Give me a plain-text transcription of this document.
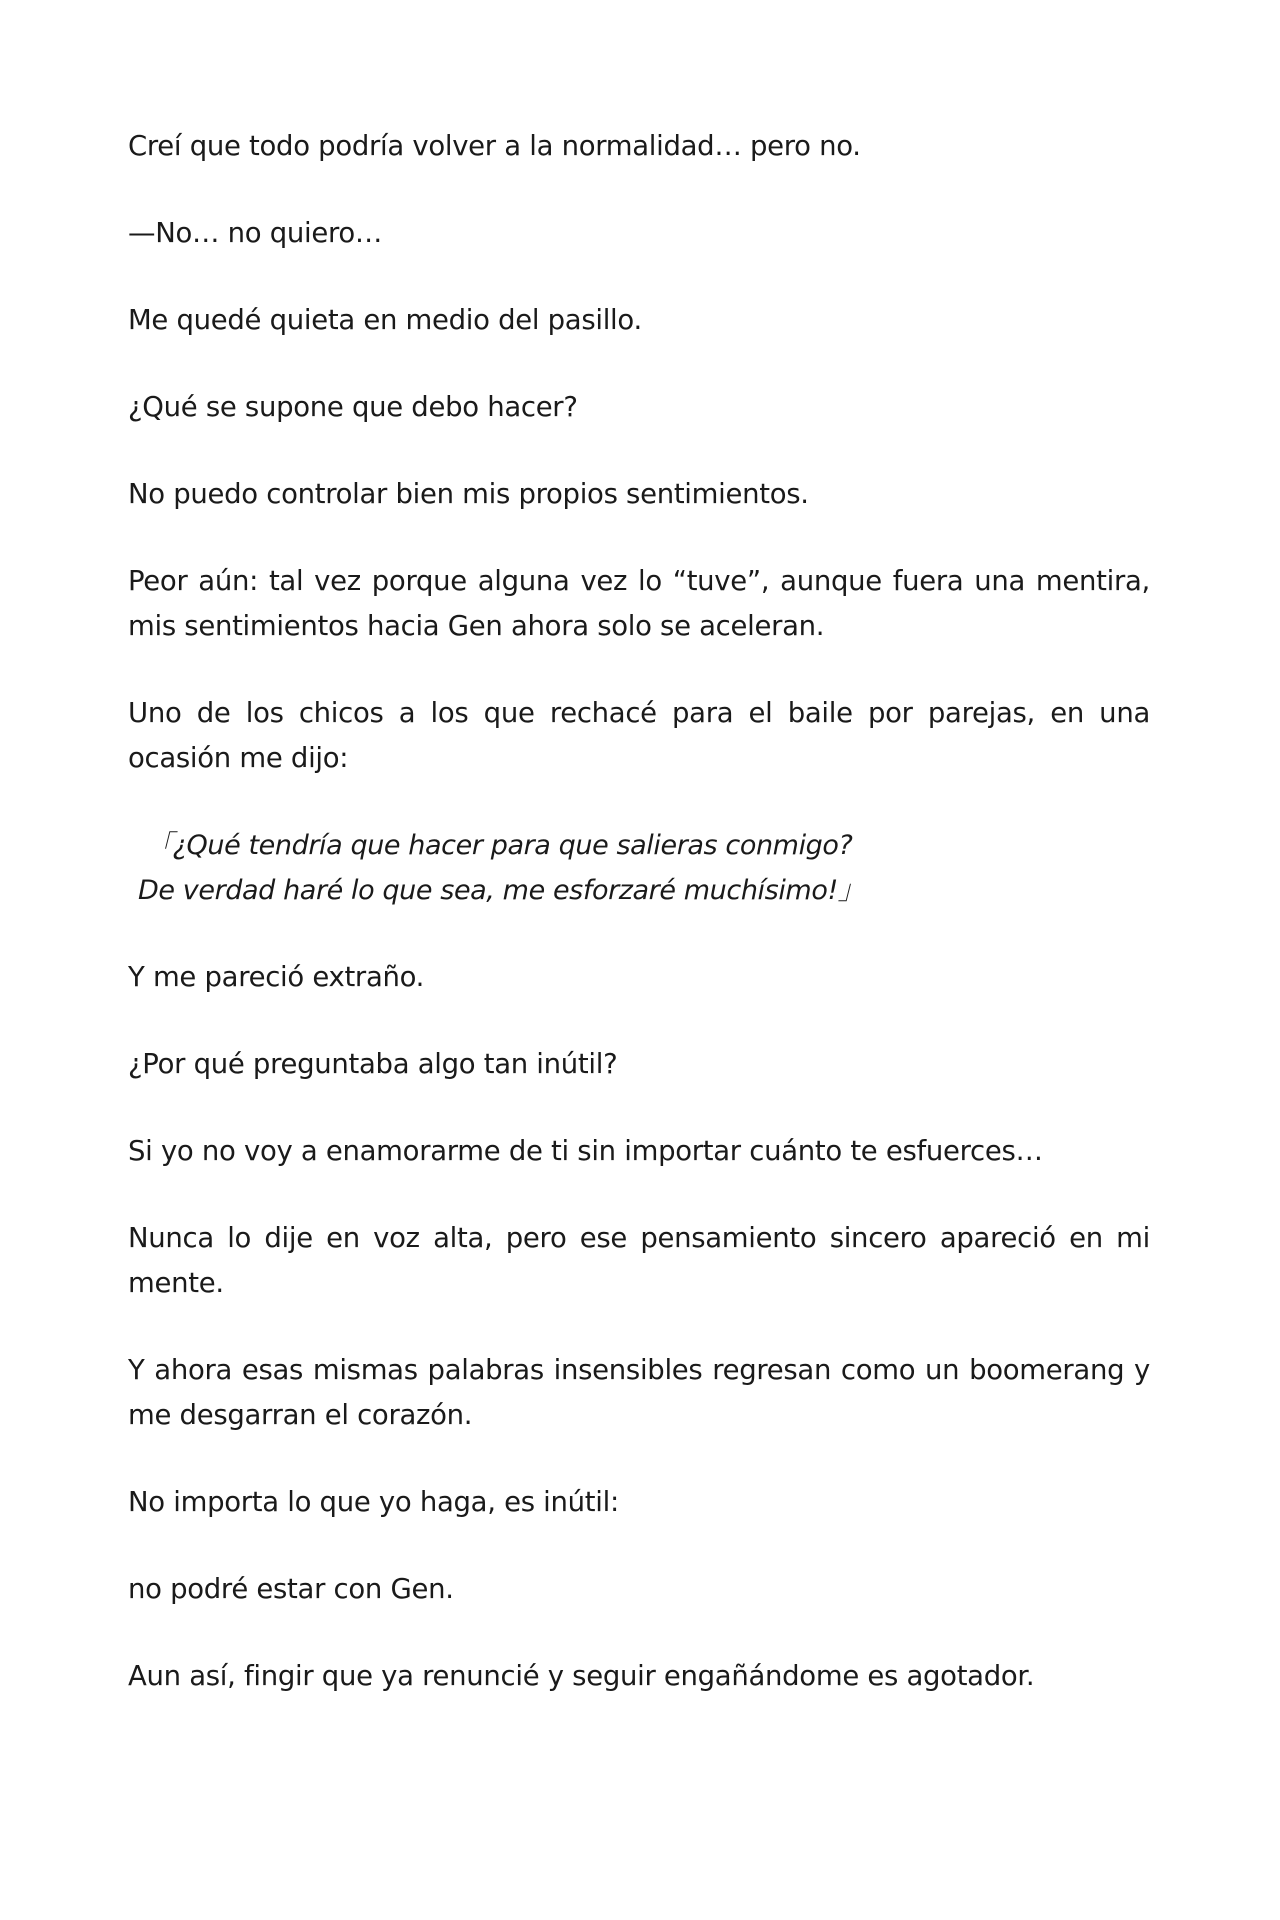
Creí que todo podría volver a la normalidad… pero no.

—No… no quiero…

Me quedé quieta en medio del pasillo.

¿Qué se supone que debo hacer?

No puedo controlar bien mis propios sentimientos.

Peor aún: tal vez porque alguna vez lo “tuve”, aunque fuera una mentira, mis sentimientos hacia Gen ahora solo se aceleran.

Uno de los chicos a los que rechacé para el baile por parejas, en una ocasión me dijo:

「¿Qué tendría que hacer para que salieras conmigo?
De verdad haré lo que sea, me esforzaré muchísimo!」

Y me pareció extraño.

¿Por qué preguntaba algo tan inútil?

Si yo no voy a enamorarme de ti sin importar cuánto te esfuerces…

Nunca lo dije en voz alta, pero ese pensamiento sincero apareció en mi mente.

Y ahora esas mismas palabras insensibles regresan como un boomerang y me desgarran el corazón.

No importa lo que yo haga, es inútil:

no podré estar con Gen.

Aun así, fingir que ya renuncié y seguir engañándome es agotador.
